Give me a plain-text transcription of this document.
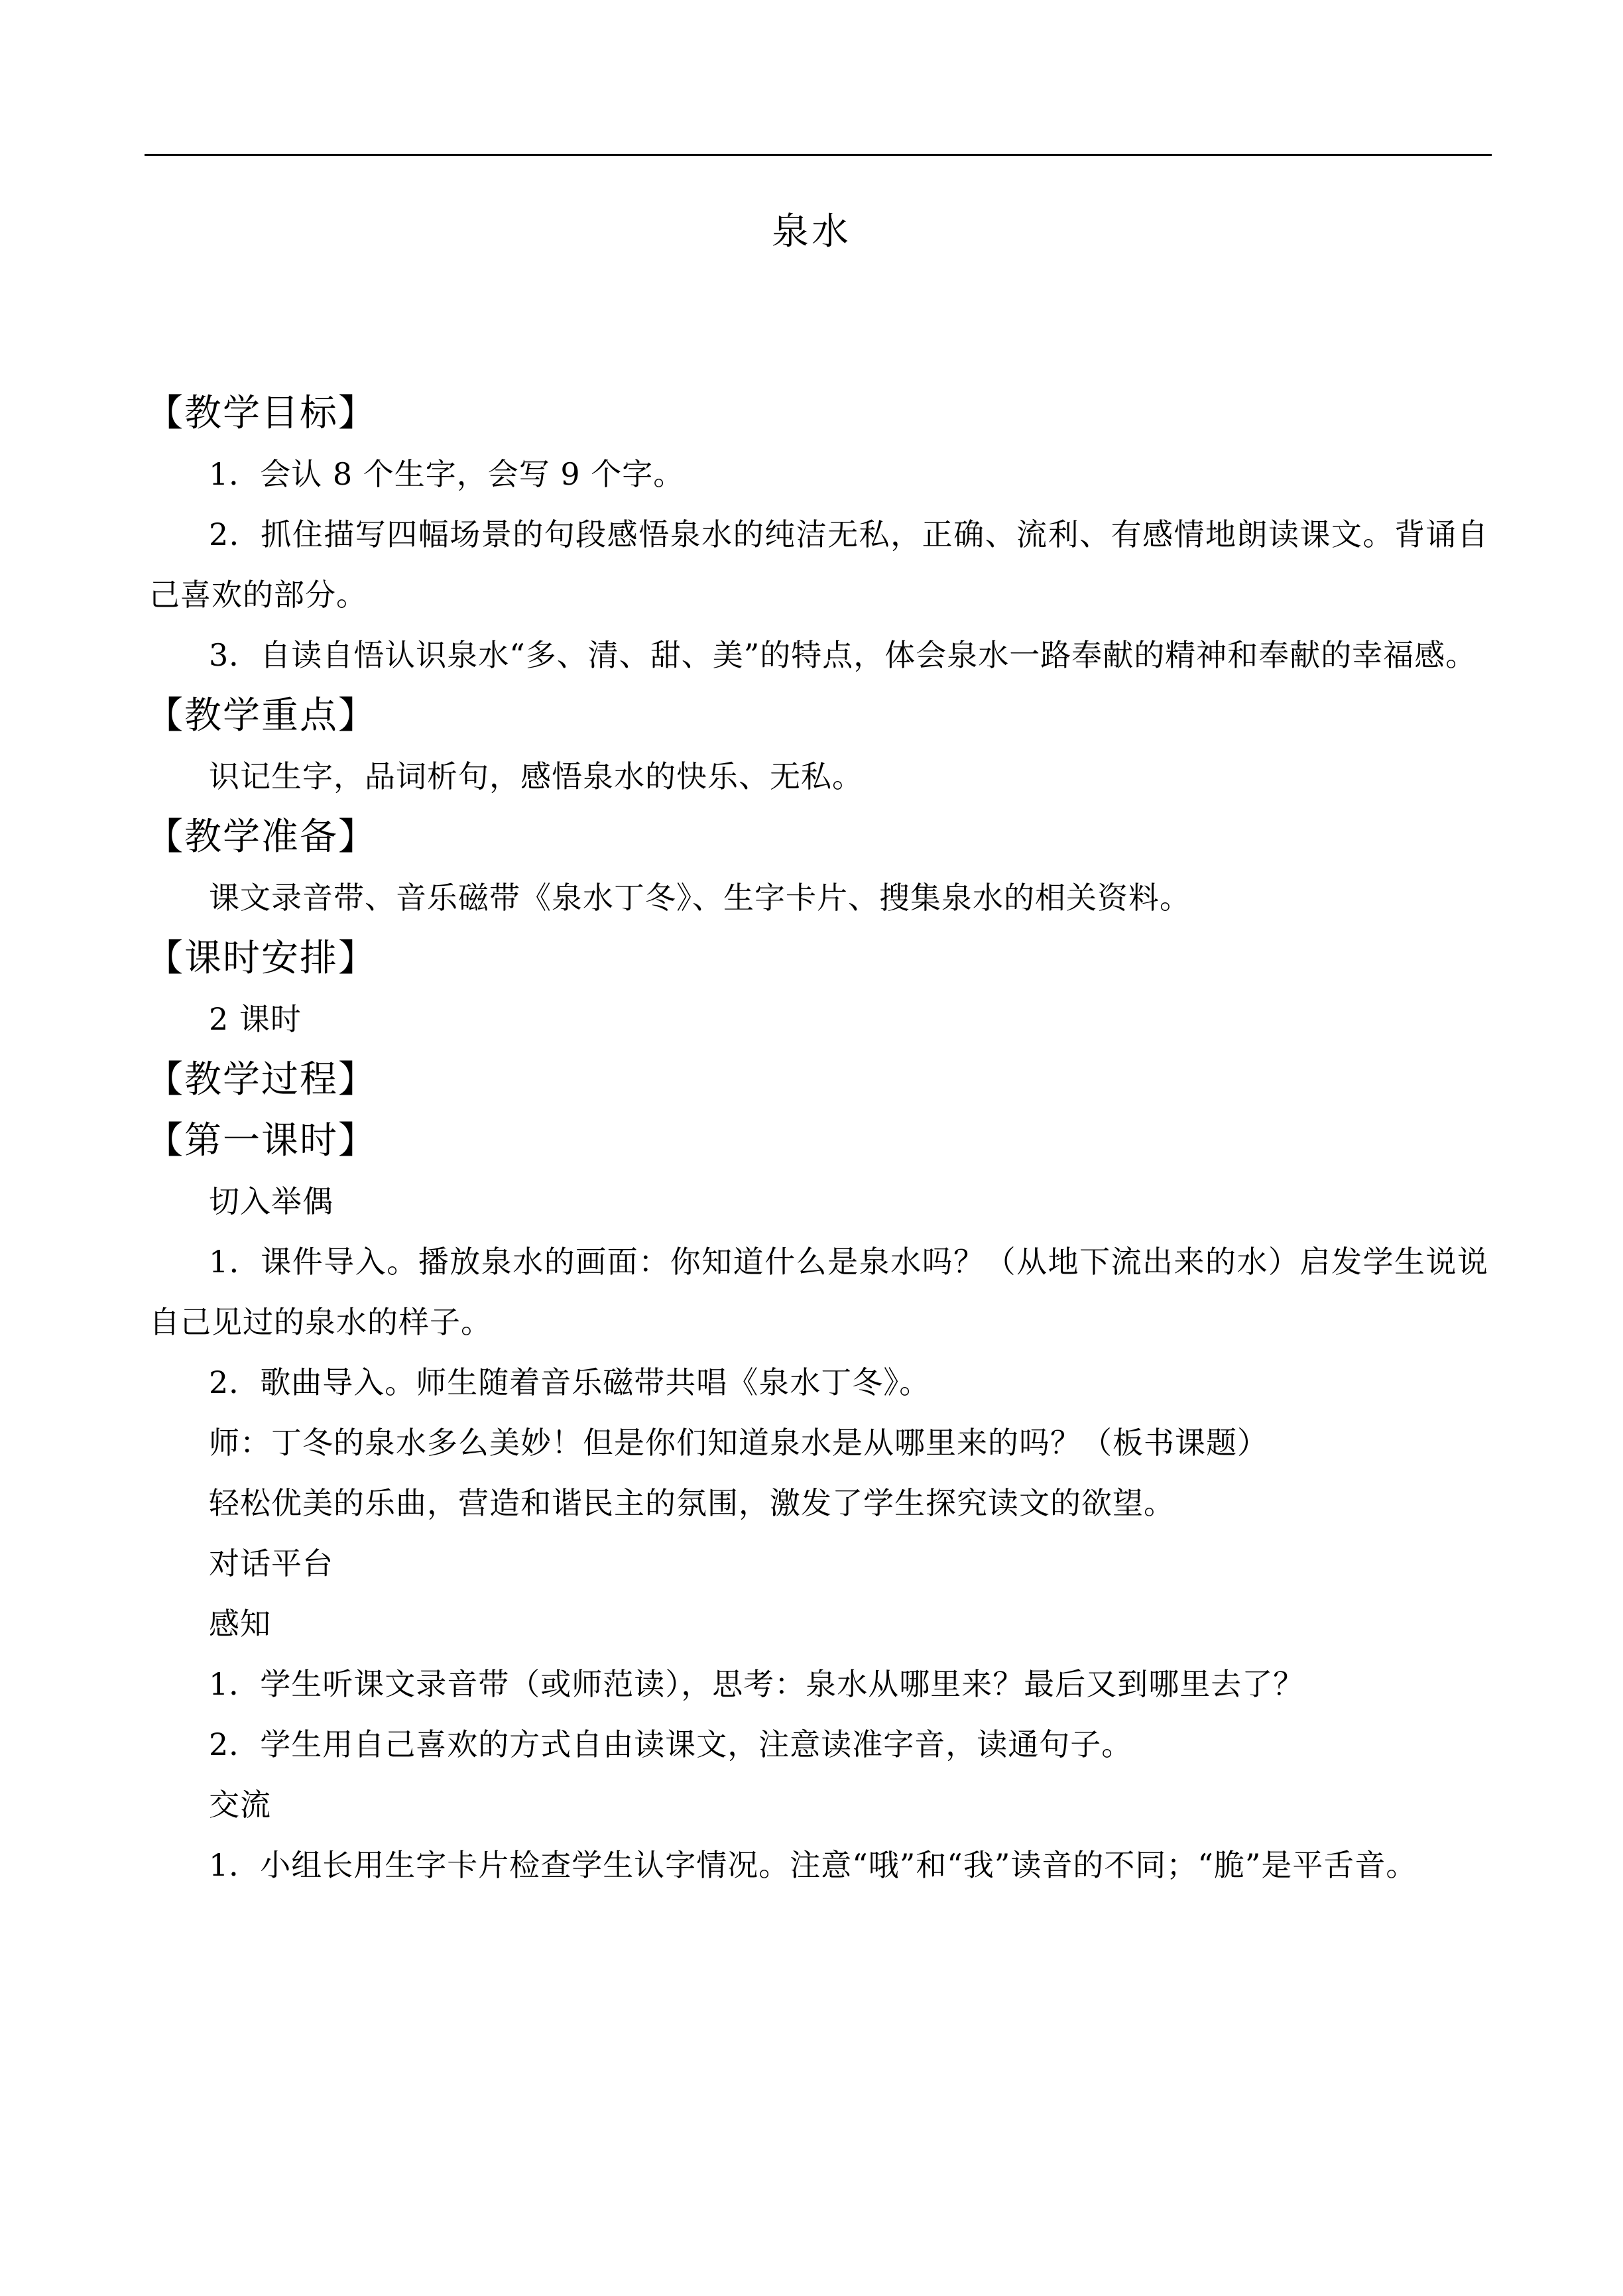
泉水
【教学目标】
1．会认 8 个生字，会写 9 个字。
2．抓住描写四幅场景的句段感悟泉水的纯洁无私，正确、流利、有感情地朗读课文。背诵自己喜欢的部分。
3．自读自悟认识泉水“多、清、甜、美”的特点，体会泉水一路奉献的精神和奉献的幸福感。
【教学重点】
识记生字，品词析句，感悟泉水的快乐、无私。
【教学准备】
课文录音带、音乐磁带《泉水丁冬》、生字卡片、搜集泉水的相关资料。
【课时安排】
2 课时
【教学过程】
【第一课时】
切入举偶
1．课件导入。播放泉水的画面：你知道什么是泉水吗？（从地下流出来的水）启发学生说说自己见过的泉水的样子。
2．歌曲导入。师生随着音乐磁带共唱《泉水丁冬》。
师：丁冬的泉水多么美妙！但是你们知道泉水是从哪里来的吗？（板书课题）
轻松优美的乐曲，营造和谐民主的氛围，激发了学生探究读文的欲望。
对话平台
感知
1．学生听课文录音带（或师范读），思考：泉水从哪里来？最后又到哪里去了？
2．学生用自己喜欢的方式自由读课文，注意读准字音，读通句子。
交流
1．小组长用生字卡片检查学生认字情况。注意“哦”和“我”读音的不同；“脆”是平舌音。
